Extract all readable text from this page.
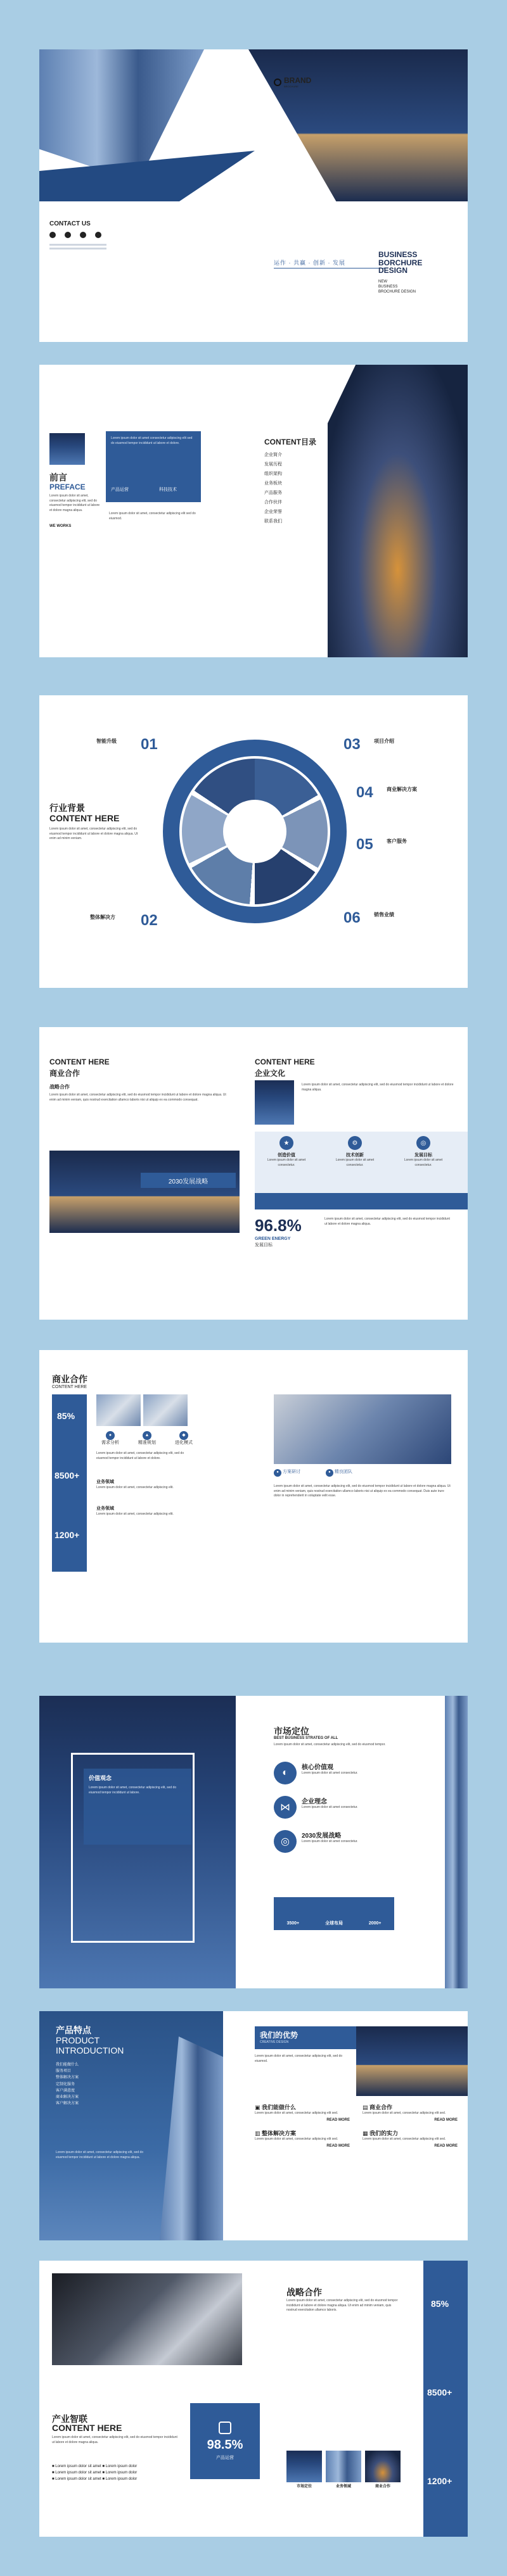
BRAND
BROCHURE
CONTACT US
运作 · 共赢 · 创新 · 发展
BUSINESS
BORCHURE
DESIGN
NEW
BUSINESS
BROCHURE DESIGN
前言
PREFACE
Lorem ipsum dolor sit amet, consectetur adipiscing elit, sed do eiusmod tempor incididunt ut labore et dolore magna aliqua.
WE WORKS
Lorem ipsum dolor sit amet consectetur adipiscing elit sed do eiusmod tempor incididunt ut labore et dolore.
产品运营	科技技术
Lorem ipsum dolor sit amet, consectetur adipiscing elit sed do eiusmod.
CONTENT目录
企业简介
发展历程
组织架构
业务板块
产品服务
合作伙伴
企业荣誉
联系我们
01
智能升级
02
整体解决方
03	项目介绍
04	商业解决方案
05	客户服务
06	销售业绩
行业背景
CONTENT HERE
Lorem ipsum dolor sit amet, consectetur adipiscing elit, sed do eiusmod tempor incididunt ut labore et dolore magna aliqua. Ut enim ad minim veniam.
CONTENT HERE
商业合作
战略合作
Lorem ipsum dolor sit amet, consectetur adipiscing elit, sed do eiusmod tempor incididunt ut labore et dolore magna aliqua. Ut enim ad minim veniam, quis nostrud exercitation ullamco laboris nisi ut aliquip ex ea commodo consequat.
2030发展战略
CONTENT HERE
企业文化
Lorem ipsum dolor sit amet, consectetur adipiscing elit, sed do eiusmod tempor incididunt ut labore et dolore magna aliqua.
★
创造价值
Lorem ipsum dolor sit amet consectetur.
⚙
技术创新
Lorem ipsum dolor sit amet consectetur.
◎
发展目标
Lorem ipsum dolor sit amet consectetur.
96.8%
GREEN ENERGY
发展目标
Lorem ipsum dolor sit amet, consectetur adipiscing elit, sed do eiusmod tempor incididunt ut labore et dolore magna aliqua.
商业合作
CONTENT HERE
85%
8500+
1200+
●
需求分析
▲
精准规划
◆
进化模式
Lorem ipsum dolor sit amet, consectetur adipiscing elit, sed do eiusmod tempor incididunt ut labore et dolore.
业务领域
Lorem ipsum dolor sit amet, consectetur adipiscing elit.
业务领域
Lorem ipsum dolor sit amet, consectetur adipiscing elit.
● 方案研讨	● 精良团队
Lorem ipsum dolor sit amet, consectetur adipiscing elit, sed do eiusmod tempor incididunt ut labore et dolore magna aliqua. Ut enim ad minim veniam, quis nostrud exercitation ullamco laboris nisi ut aliquip ex ea commodo consequat. Duis aute irure dolor in reprehenderit in voluptate velit esse.
价值观念
Lorem ipsum dolor sit amet, consectetur adipiscing elit, sed do eiusmod tempor incididunt ut labore.
市场定位
BEST BUSINESS STRATEG OF ALL
Lorem ipsum dolor sit amet, consectetur adipiscing elit, sed do eiusmod tempor.
◐	核心价值观
Lorem ipsum dolor sit amet consectetur.
⋈
企业理念
Lorem ipsum dolor sit amet consectetur.
◎
2030发展战略
Lorem ipsum dolor sit amet consectetur.
3500+	全球布局	2000+
产品特点
PRODUCT
INTRODUCTION
我们能做什么
服务项目
整体解决方案
定制化服务
客户满意度
商业解决方案
客户解决方案
Lorem ipsum dolor sit amet, consectetur adipiscing elit, sed do eiusmod tempor incididunt ut labore et dolore magna aliqua.
我们的优势
CREATIVE DESIGN
Lorem ipsum dolor sit amet, consectetur adipiscing elit, sed do eiusmod.
▣ 我们能做什么
Lorem ipsum dolor sit amet, consectetur adipiscing elit sed.
READ MORE
▤ 商业合作
Lorem ipsum dolor sit amet, consectetur adipiscing elit sed.
READ MORE
▥ 整体解决方案
Lorem ipsum dolor sit amet, consectetur adipiscing elit sed.
READ MORE
▦ 我们的实力
Lorem ipsum dolor sit amet, consectetur adipiscing elit sed.
READ MORE
产业智联
CONTENT HERE
Lorem ipsum dolor sit amet, consectetur adipiscing elit, sed do eiusmod tempor incididunt ut labore et dolore magna aliqua.
■ Lorem ipsum dolor sit amet ■ Lorem ipsum dolor
■ Lorem ipsum dolor sit amet ■ Lorem ipsum dolor
■ Lorem ipsum dolor sit amet ■ Lorem ipsum dolor
98.5%
产品运营
战略合作
Lorem ipsum dolor sit amet, consectetur adipiscing elit, sed do eiusmod tempor incididunt ut labore et dolore magna aliqua. Ut enim ad minim veniam, quis nostrud exercitation ullamco laboris.
市场定位	业务领域	商业合作
85%
8500+
1200+
